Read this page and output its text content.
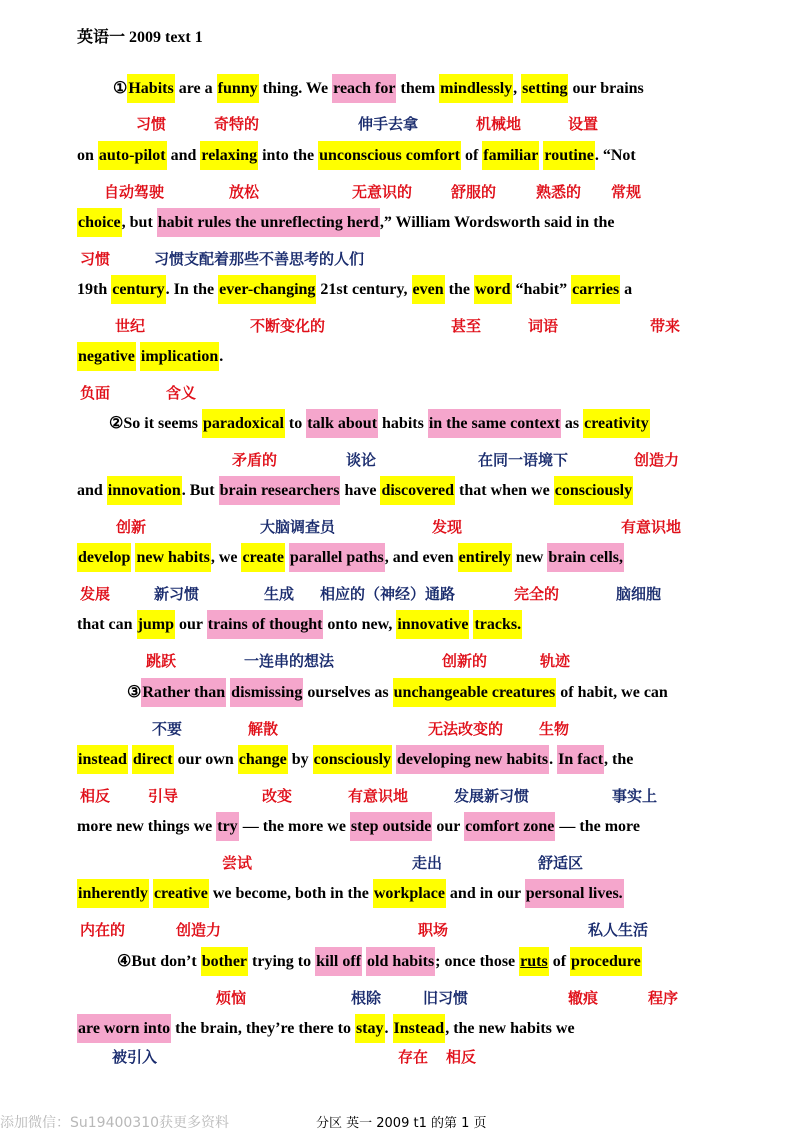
英语一 2009 text 1
①Habits are a funny thing. We reach for them mindlessly, setting our brains
on auto-pilot and relaxing into the unconscious comfort of familiar routine. “Not
choice, but habit rules the unreflecting herd,” William Wordsworth said in the
19th century. In the ever-changing 21st century, even the word “habit” carries a
negative implication.
②So it seems paradoxical to talk about habits in the same context as creativity
and innovation. But brain researchers have discovered that when we consciously
develop new habits, we create parallel paths, and even entirely new brain cells,
that can jump our trains of thought onto new, innovative tracks.
③Rather than dismissing ourselves as unchangeable creatures of habit, we can
instead direct our own change by consciously developing new habits. In fact, the
more new things we try — the more we step outside our comfort zone — the more
inherently creative we become, both in the workplace and in our personal lives.
④But don’t bother trying to kill off old habits; once those ruts of procedure
are worn into the brain, they’re there to stay. Instead, the new habits we
习惯	奇特的	伸手去拿	机械地	设置
自动驾驶	放松	无意识的	舒服的	熟悉的 常规
习惯	习惯支配着那些不善思考的人们
世纪	不断变化的	甚至	词语	带来
负面	含义
矛盾的	谈论	在同一语境下	创造力
创新	大脑调查员	发现	有意识地
发展	新习惯	生成 相应的（神经）通路	完全的	脑细胞
跳跃	一连串的想法	创新的	轨迹
不要	解散	无法改变的 生物
相反	引导	改变	有意识地	发展新习惯	事实上
尝试	走出	舒适区
内在的	创造力	职场	私人生活
烦恼	根除	旧习惯	辙痕	程序
被引入	存在 相反
添加微信：Su19400310获更多资料	分区 英一 2009 t1 的第 1 页
